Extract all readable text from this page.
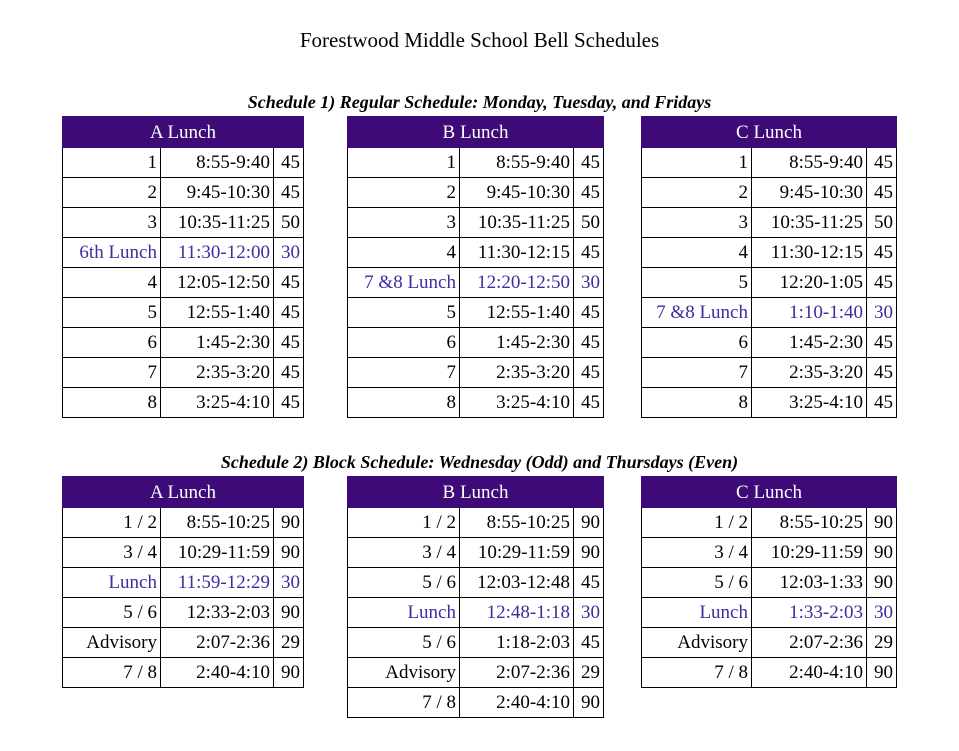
Forestwood Middle School Bell Schedules
Schedule 1) Regular Schedule: Monday, Tuesday, and Fridays
A Lunch		
1	8:55-9:40	45
2	9:45-10:30	45
3	10:35-11:25	50
6th Lunch	11:30-12:00	30
4	12:05-12:50	45
5	12:55-1:40	45
6	1:45-2:30	45
7	2:35-3:20	45
8	3:25-4:10	45
B Lunch		
1	8:55-9:40	45
2	9:45-10:30	45
3	10:35-11:25	50
4	11:30-12:15	45
7 &8 Lunch	12:20-12:50	30
5	12:55-1:40	45
6	1:45-2:30	45
7	2:35-3:20	45
8	3:25-4:10	45
C Lunch		
1	8:55-9:40	45
2	9:45-10:30	45
3	10:35-11:25	50
4	11:30-12:15	45
5	12:20-1:05	45
7 &8 Lunch	1:10-1:40	30
6	1:45-2:30	45
7	2:35-3:20	45
8	3:25-4:10	45
Schedule 2) Block Schedule: Wednesday (Odd) and Thursdays (Even)
A Lunch		
1 / 2	8:55-10:25	90
3 / 4	10:29-11:59	90
Lunch	11:59-12:29	30
5 / 6	12:33-2:03	90
Advisory	2:07-2:36	29
7 / 8	2:40-4:10	90
B Lunch		
1 / 2	8:55-10:25	90
3 / 4	10:29-11:59	90
5 / 6	12:03-12:48	45
Lunch	12:48-1:18	30
5 / 6	1:18-2:03	45
Advisory	2:07-2:36	29
7 / 8	2:40-4:10	90
C Lunch		
1 / 2	8:55-10:25	90
3 / 4	10:29-11:59	90
5 / 6	12:03-1:33	90
Lunch	1:33-2:03	30
Advisory	2:07-2:36	29
7 / 8	2:40-4:10	90
